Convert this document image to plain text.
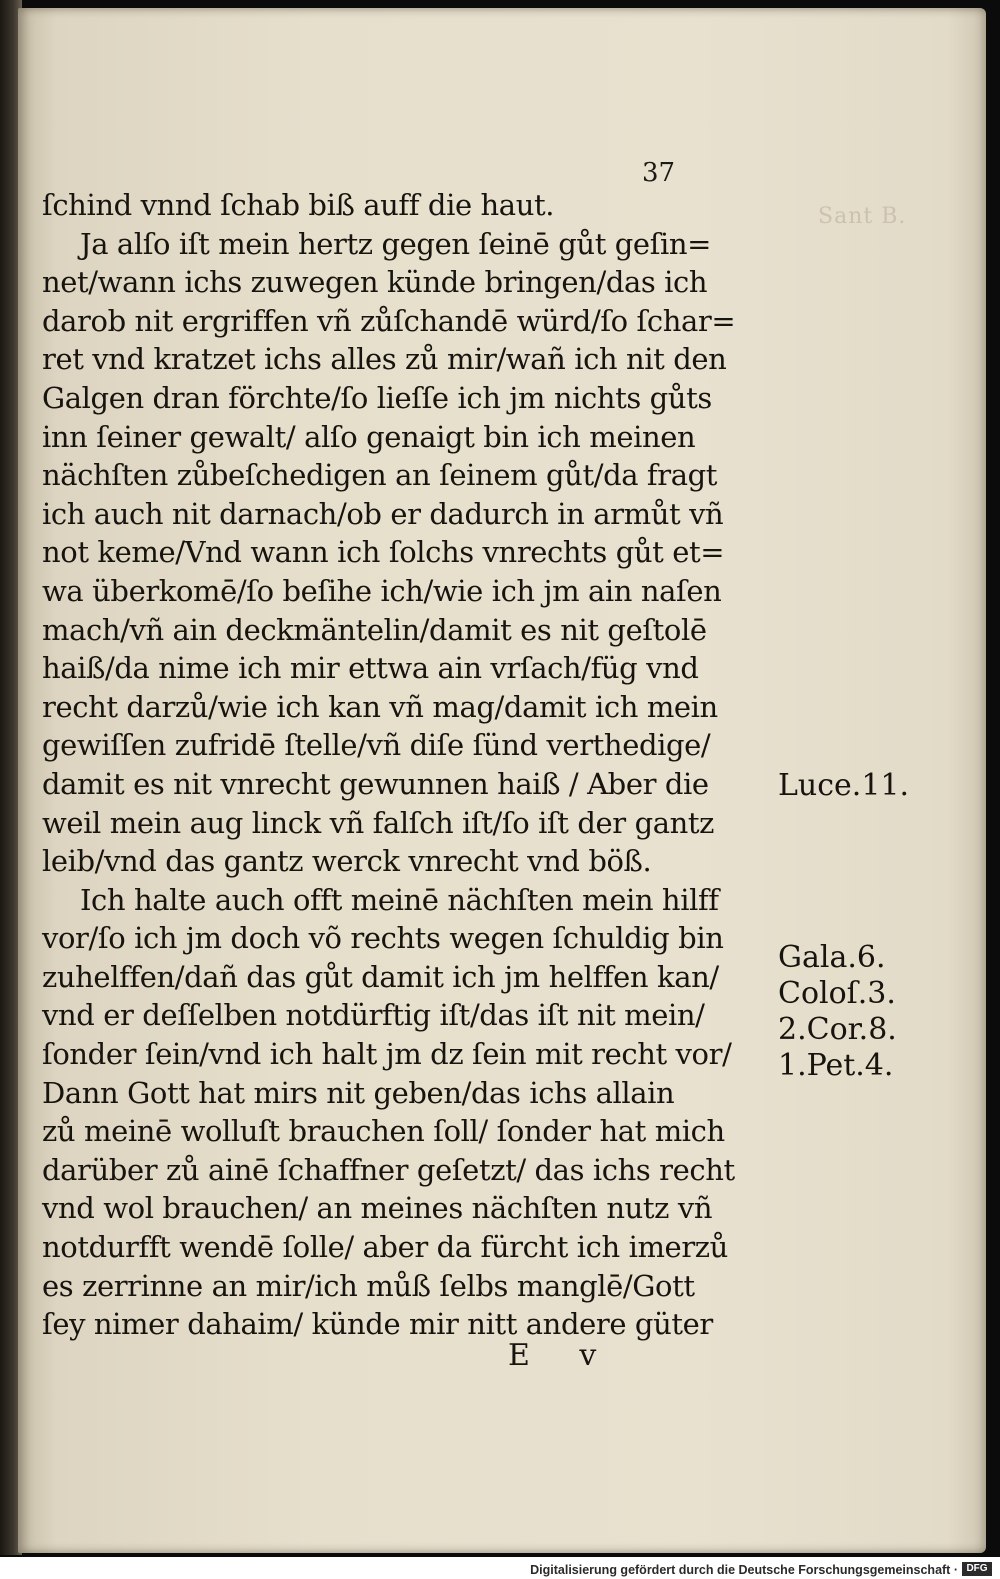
37
Sant B.
ſchind vnnd ſchab biß auff die haut.
Ja alſo iſt mein hertz gegen ſeinē gůt geſin=
net/wann ichs zuwegen künde bringen/das ich
darob nit ergriffen vñ zůſchandē würd/ſo ſchar=
ret vnd kratzet ichs alles zů mir/wañ ich nit den
Galgen dran förchte/ſo lieſſe ich jm nichts gůts
inn ſeiner gewalt/ alſo genaigt bin ich meinen
nächſten zůbeſchedigen an ſeinem gůt/da fragt
ich auch nit darnach/ob er dadurch in armůt vñ
not keme/Vnd wann ich ſolchs vnrechts gůt et=
wa überkomē/ſo beſihe ich/wie ich jm ain naſen
mach/vñ ain deckmäntelin/damit es nit geſtolē
haiß/da nime ich mir ettwa ain vrſach/füg vnd
recht darzů/wie ich kan vñ mag/damit ich mein
gewiſſen zufridē ſtelle/vñ diſe ſünd verthedige/
damit es nit vnrecht gewunnen haiß / Aber die
weil mein aug linck vñ falſch iſt/ſo iſt der gantz
leib/vnd das gantz werck vnrecht vnd böß.
Ich halte auch offt meinē nächſten mein hilff
vor/ſo ich jm doch võ rechts wegen ſchuldig bin
zuhelffen/dañ das gůt damit ich jm helffen kan/
vnd er deſſelben notdürftig iſt/das iſt nit mein/
ſonder ſein/vnd ich halt jm dz ſein mit recht vor/
Dann Gott hat mirs nit geben/das ichs allain
zů meinē wolluſt brauchen ſoll/ ſonder hat mich
darüber zů ainē ſchaffner geſetzt/ das ichs recht
vnd wol brauchen/ an meines nächſten nutz vñ
notdurfft wendē ſolle/ aber da fürcht ich imerzů
es zerrinne an mir/ich můß ſelbs manglē/Gott
ſey nimer dahaim/ künde mir nitt andere güter
Luce.11.
Gala.6.
Coloſ.3.
2.Cor.8.
1.Pet.4.
E v
Digitalisierung gefördert durch die Deutsche Forschungsgemeinschaft · DFG
